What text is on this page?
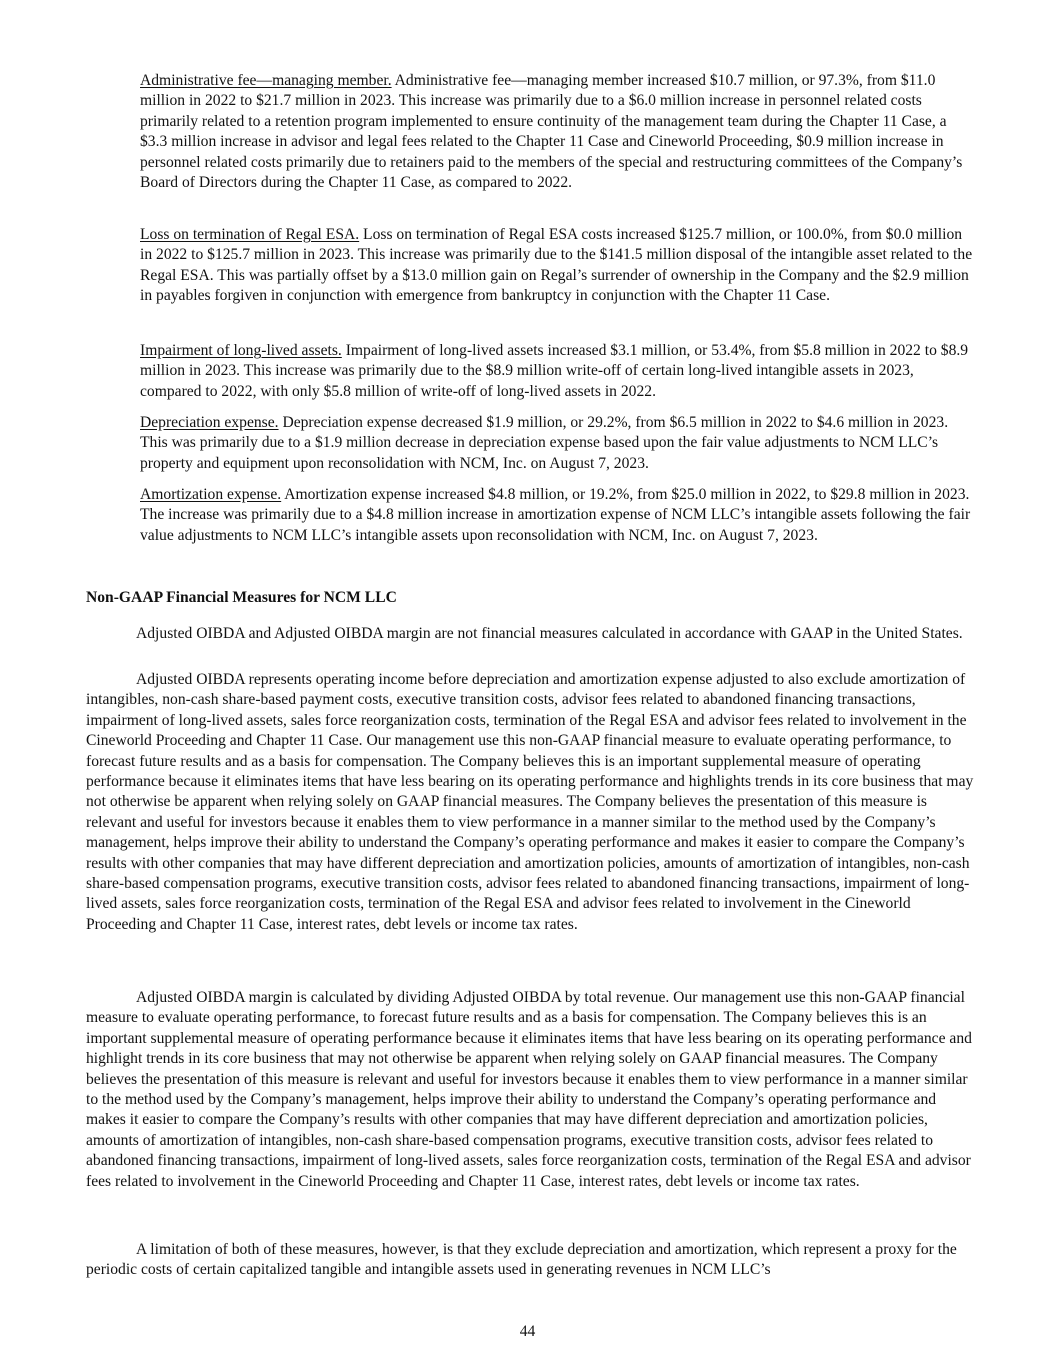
Administrative fee—managing member. Administrative fee—managing member increased $10.7 million, or 97.3%, from $11.0 million in 2022 to $21.7 million in 2023. This increase was primarily due to a $6.0 million increase in personnel related costs primarily related to a retention program implemented to ensure continuity of the management team during the Chapter 11 Case, a $3.3 million increase in advisor and legal fees related to the Chapter 11 Case and Cineworld Proceeding, $0.9 million increase in personnel related costs primarily due to retainers paid to the members of the special and restructuring committees of the Company’s Board of Directors during the Chapter 11 Case, as compared to 2022.

Loss on termination of Regal ESA. Loss on termination of Regal ESA costs increased $125.7 million, or 100.0%, from $0.0 million in 2022 to $125.7 million in 2023. This increase was primarily due to the $141.5 million disposal of the intangible asset related to the Regal ESA. This was partially offset by a $13.0 million gain on Regal’s surrender of ownership in the Company and the $2.9 million in payables forgiven in conjunction with emergence from bankruptcy in conjunction with the Chapter 11 Case.

Impairment of long-lived assets. Impairment of long-lived assets increased $3.1 million, or 53.4%, from $5.8 million in 2022 to $8.9 million in 2023. This increase was primarily due to the $8.9 million write-off of certain long-lived intangible assets in 2023, compared to 2022, with only $5.8 million of write-off of long-lived assets in 2022.

Depreciation expense. Depreciation expense decreased $1.9 million, or 29.2%, from $6.5 million in 2022 to $4.6 million in 2023. This was primarily due to a $1.9 million decrease in depreciation expense based upon the fair value adjustments to NCM LLC’s property and equipment upon reconsolidation with NCM, Inc. on August 7, 2023.

Amortization expense. Amortization expense increased $4.8 million, or 19.2%, from $25.0 million in 2022, to $29.8 million in 2023. The increase was primarily due to a $4.8 million increase in amortization expense of NCM LLC’s intangible assets following the fair value adjustments to NCM LLC’s intangible assets upon reconsolidation with NCM, Inc. on August 7, 2023.

Non-GAAP Financial Measures for NCM LLC

Adjusted OIBDA and Adjusted OIBDA margin are not financial measures calculated in accordance with GAAP in the United States.

Adjusted OIBDA represents operating income before depreciation and amortization expense adjusted to also exclude amortization of intangibles, non-cash share-based payment costs, executive transition costs, advisor fees related to abandoned financing transactions, impairment of long-lived assets, sales force reorganization costs, termination of the Regal ESA and advisor fees related to involvement in the Cineworld Proceeding and Chapter 11 Case. Our management use this non-GAAP financial measure to evaluate operating performance, to forecast future results and as a basis for compensation. The Company believes this is an important supplemental measure of operating performance because it eliminates items that have less bearing on its operating performance and highlights trends in its core business that may not otherwise be apparent when relying solely on GAAP financial measures. The Company believes the presentation of this measure is relevant and useful for investors because it enables them to view performance in a manner similar to the method used by the Company’s management, helps improve their ability to understand the Company’s operating performance and makes it easier to compare the Company’s results with other companies that may have different depreciation and amortization policies, amounts of amortization of intangibles, non-cash share-based compensation programs, executive transition costs, advisor fees related to abandoned financing transactions, impairment of long-lived assets, sales force reorganization costs, termination of the Regal ESA and advisor fees related to involvement in the Cineworld Proceeding and Chapter 11 Case, interest rates, debt levels or income tax rates.

Adjusted OIBDA margin is calculated by dividing Adjusted OIBDA by total revenue. Our management use this non-GAAP financial measure to evaluate operating performance, to forecast future results and as a basis for compensation. The Company believes this is an important supplemental measure of operating performance because it eliminates items that have less bearing on its operating performance and highlight trends in its core business that may not otherwise be apparent when relying solely on GAAP financial measures. The Company believes the presentation of this measure is relevant and useful for investors because it enables them to view performance in a manner similar to the method used by the Company’s management, helps improve their ability to understand the Company’s operating performance and makes it easier to compare the Company’s results with other companies that may have different depreciation and amortization policies, amounts of amortization of intangibles, non-cash share-based compensation programs, executive transition costs, advisor fees related to abandoned financing transactions, impairment of long-lived assets, sales force reorganization costs, termination of the Regal ESA and advisor fees related to involvement in the Cineworld Proceeding and Chapter 11 Case, interest rates, debt levels or income tax rates.

A limitation of both of these measures, however, is that they exclude depreciation and amortization, which represent a proxy for the periodic costs of certain capitalized tangible and intangible assets used in generating revenues in NCM LLC’s

44
